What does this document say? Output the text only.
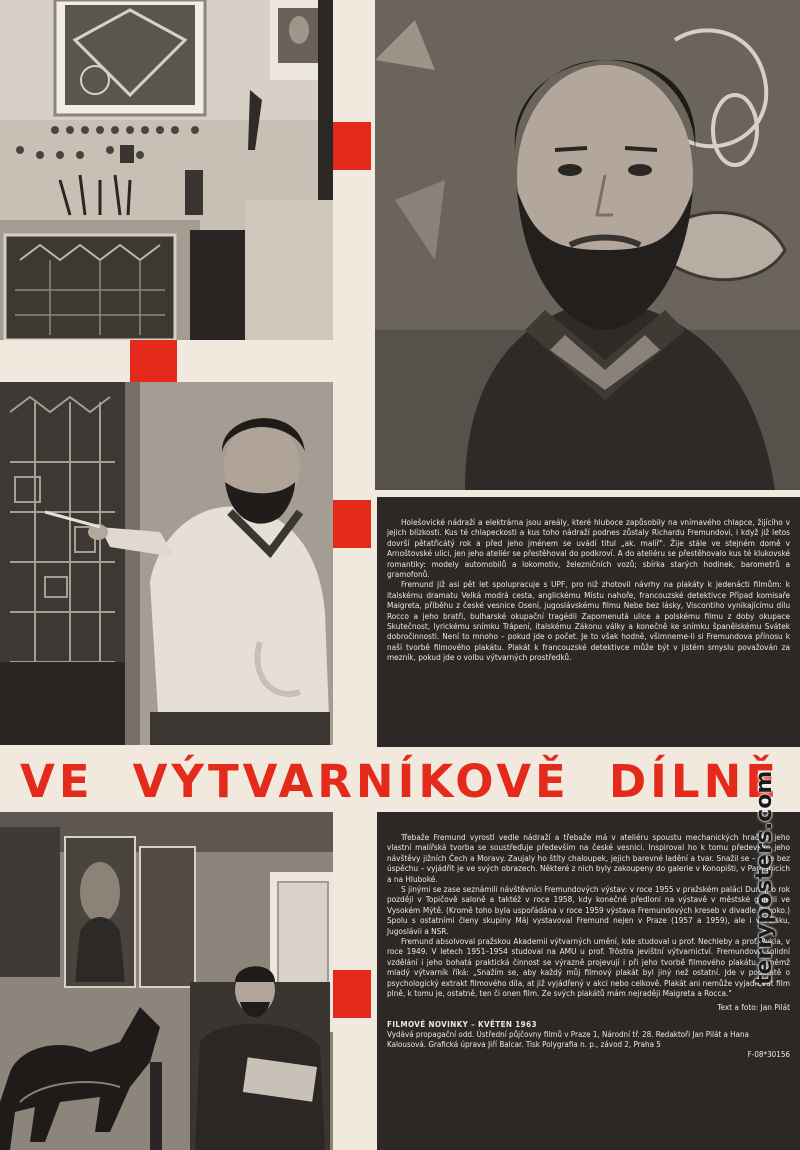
Holešovické nádraží a elektrárna jsou areály, které hluboce zapůsobily na vnímavého chlapce, žijícího v jejich blízkosti. Kus té chlapeckosti a kus toho nádraží podnes zůstaly Richardu Fremundovi, i když již letos dovrší pětatřicátý rok a před jeho jménem se uvádí titul „ak. malíř". Žije stále ve stejném domě v Arnoštovské ulici, jen jeho ateliér se přestěhoval do podkroví. A do ateliéru se přestěhovalo kus té klukovské romantiky: modely automobilů a lokomotiv, železničních vozů; sbírka starých hodinek, barometrů a gramofonů.

Fremund již asi pět let spolupracuje s UPF, pro niž zhotovil návrhy na plakáty k jedenácti filmům: k italskému dramatu Velká modrá cesta, anglickému Místu nahoře, francouzské detektivce Případ komisaře Maigreta, příběhu z české vesnice Osení, jugoslávskému filmu Nebe bez lásky, Viscontiho vynikajícímu dílu Rocco a jeho bratři, bulharské okupační tragédii Zapomenutá ulice a polskému filmu z doby okupace Skutečnost, lyrickému snímku Trápení, italskému Zákonu války a konečně ke snímku španělskému Svátek dobročinnosti. Není to mnoho – pokud jde o počet. Je to však hodně, všimneme-li si Fremundova přínosu k naší tvorbě filmového plakátu. Plakát k francouzské detektivce může být v jistém smyslu považován za mezník, pokud jde o volbu výtvarných prostředků.

VE VÝTVARNÍKOVĚ DÍLNĚ

Třebaže Fremund vyrostl vedle nádraží a třebaže má v ateliéru spoustu mechanických hraček, jeho vlastní malířská tvorba se soustřeďuje především na české vesnici. Inspiroval ho k tomu především jeho návštěvy jižních Čech a Moravy. Zaujaly ho štíty chaloupek, jejich barevné ladění a tvar. Snažil se – a ne bez úspěchu – vyjádřit je ve svých obrazech. Některé z nich byly zakoupeny do galerie v Konopišti, v Pardubicích a na Hluboké.

S jinými se zase seznámili návštěvníci Fremundových výstav: v roce 1955 v pražském paláci Dunaj, o rok později v Topičově saloně a taktéž v roce 1958, kdy konečně předloni na výstavě v městské galerii ve Vysokém Mýtě. (Kromě toho byla uspořádána v roce 1959 výstava Fremundových kreseb v divadle Rokoko.) Spolu s ostatními členy skupiny Máj vystavoval Fremund nejen v Praze (1957 a 1959), ale i v Polsku, Jugoslávii a NSR.

Fremund absolvoval pražskou Akademii výtvarných umění, kde studoval u prof. Nechleby a prof. Pukla, v roce 1949. V letech 1951–1954 studoval na AMU u prof. Tröstra jevištní výtvarnictví. Fremundovo solidní vzdělání i jeho bohatá praktická činnost se výrazně projevují i při jeho tvorbě filmového plakátu, o němž mladý výtvarník říká: „Snažím se, aby každý můj filmový plakát byl jiný než ostatní. Jde v podstatě o psychologický extrakt filmového díla, at již vyjádřený v akci nebo celkově. Plakát ani nemůže vyjadřovat film plně, k tomu je, ostatně, ten či onen film. Ze svých plakátů mám nejraději Maigreta a Rocca."

Text a foto: Jan Pilát
FILMOVÉ NOVINKY – KVĚTEN 1963
Vydává propagační odd. Ústřední půjčovny filmů v Praze 1, Národní tř. 28. Redaktoři Jan Pilát a Hana Kalousová. Grafická úprava Jiří Balcar. Tisk Polygrafia n. p., závod 2, Praha 5
F-08*30156
